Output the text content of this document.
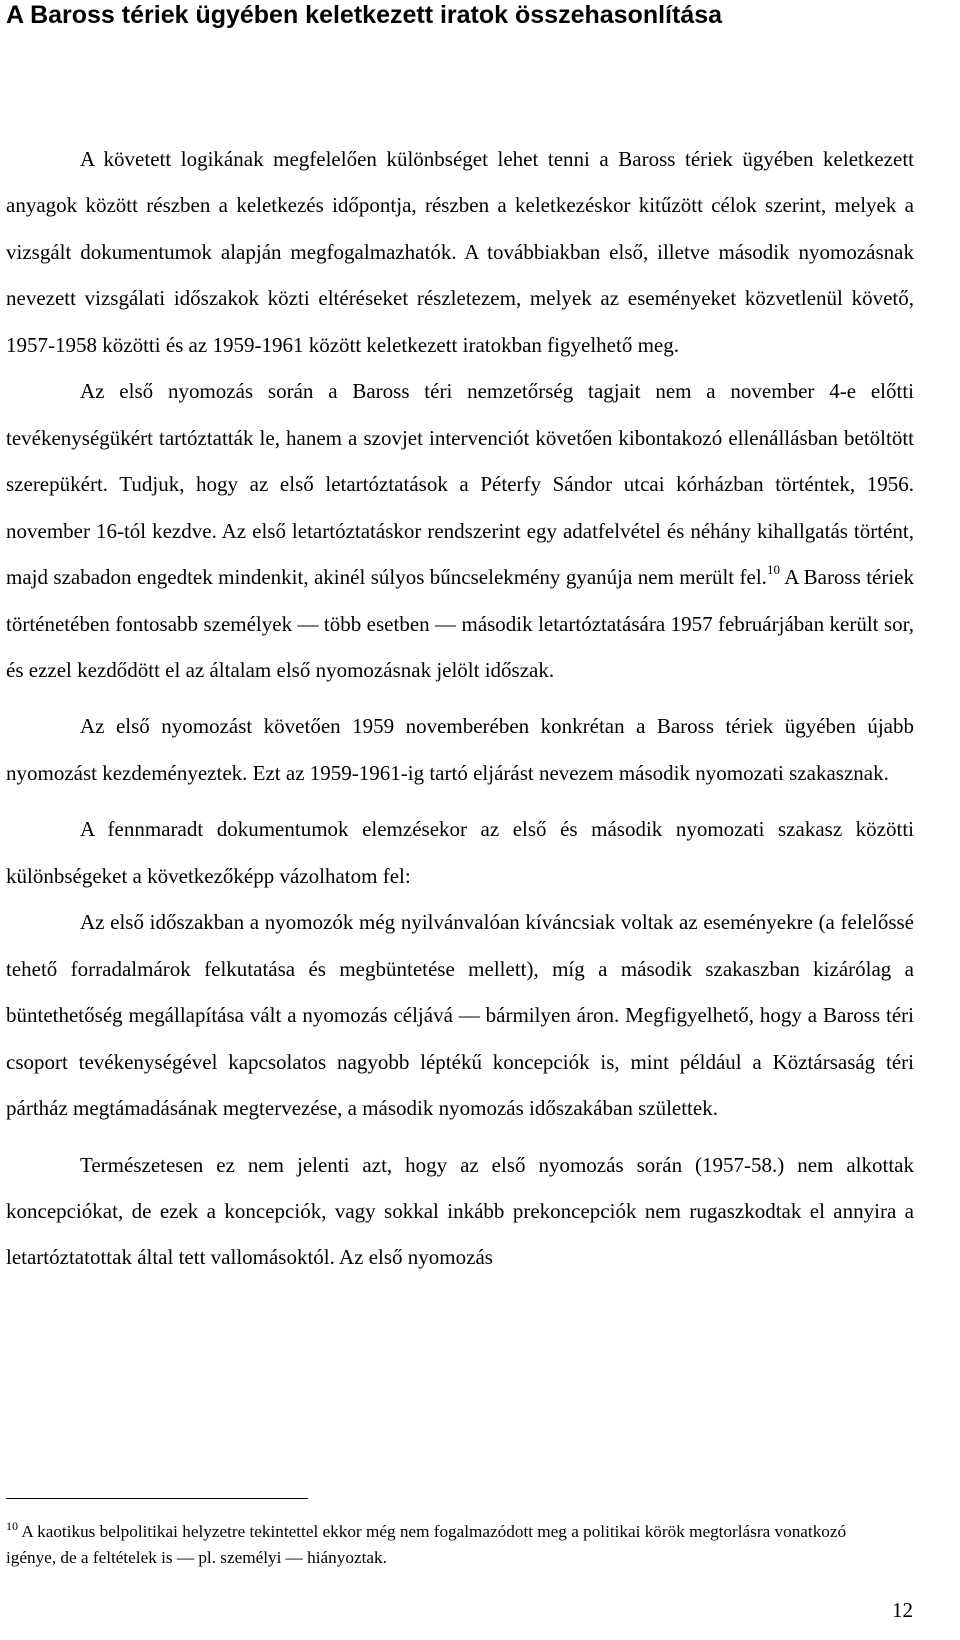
A Baross tériek ügyében keletkezett iratok összehasonlítása

A követett logikának megfelelően különbséget lehet tenni a Baross tériek ügyében keletkezett anyagok között részben a keletkezés időpontja, részben a keletkezéskor kitűzött célok szerint, melyek a vizsgált dokumentumok alapján megfogalmazhatók. A továbbiakban első, illetve második nyomozásnak nevezett vizsgálati időszakok közti eltéréseket részletezem, melyek az eseményeket közvetlenül követő, 1957-1958 közötti és az 1959-1961 között keletkezett iratokban figyelhető meg.

Az első nyomozás során a Baross téri nemzetőrség tagjait nem a november 4-e előtti tevékenységükért tartóztatták le, hanem a szovjet intervenciót követően kibontakozó ellenállásban betöltött szerepükért. Tudjuk, hogy az első letartóztatások a Péterfy Sándor utcai kórházban történtek, 1956. november 16-tól kezdve. Az első letartóztatáskor rendszerint egy adatfelvétel és néhány kihallgatás történt, majd szabadon engedtek mindenkit, akinél súlyos bűncselekmény gyanúja nem merült fel.$^{10}$ A Baross tériek történetében fontosabb személyek — több esetben — második letartóztatására 1957 februárjában került sor, és ezzel kezdődött el az általam első nyomozásnak jelölt időszak.

Az első nyomozást követően 1959 novemberében konkrétan a Baross tériek ügyében újabb nyomozást kezdeményeztek. Ezt az 1959-1961-ig tartó eljárást nevezem második nyomozati szakasznak.

A fennmaradt dokumentumok elemzésekor az első és második nyomozati szakasz közötti különbségeket a következőképp vázolhatom fel:

Az első időszakban a nyomozók még nyilvánvalóan kíváncsiak voltak az eseményekre (a felelőssé tehető forradalmárok felkutatása és megbüntetése mellett), míg a második szakaszban kizárólag a büntethetőség megállapítása vált a nyomozás céljává — bármilyen áron. Megfigyelhető, hogy a Baross téri csoport tevékenységével kapcsolatos nagyobb léptékű koncepciók is, mint például a Köztársaság téri pártház megtámadásának megtervezése, a második nyomozás időszakában születtek.

Természetesen ez nem jelenti azt, hogy az első nyomozás során (1957-58.) nem alkottak koncepciókat, de ezek a koncepciók, vagy sokkal inkább prekoncepciók nem rugaszkodtak el annyira a letartóztatottak által tett vallomásoktól. Az első nyomozás

$^{10}$ A kaotikus belpolitikai helyzetre tekintettel ekkor még nem fogalmazódott meg a politikai körök megtorlásra vonatkozó igénye, de a feltételek is — pl. személyi — hiányoztak.

12
